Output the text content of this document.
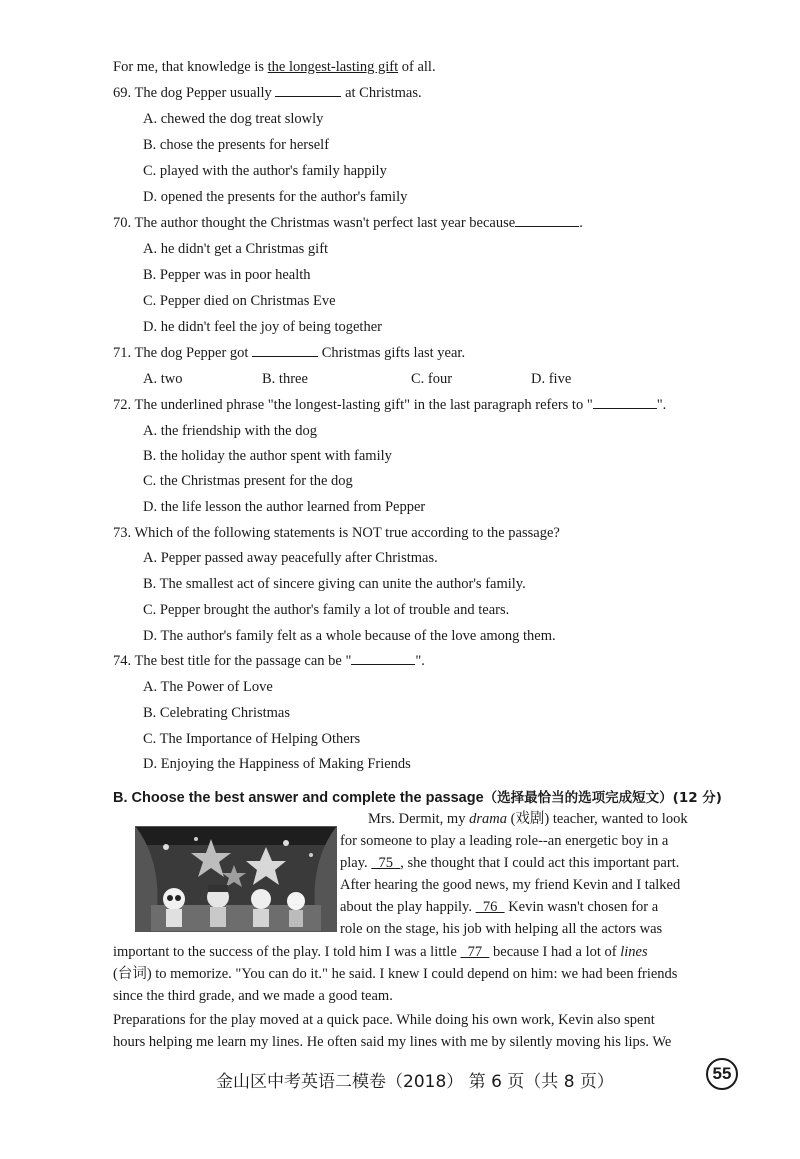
For me, that knowledge is the longest-lasting gift of all.
69. The dog Pepper usually	at Christmas.
A. chewed the dog treat slowly
B. chose the presents for herself
C. played with the author's family happily
D. opened the presents for the author's family
70. The author thought the Christmas wasn't perfect last year because	.
A. he didn't get a Christmas gift
B. Pepper was in poor health
C. Pepper died on Christmas Eve
D. he didn't feel the joy of being together
71. The dog Pepper got	Christmas gifts last year.
A. two	B. three	C. four	D. five
72. The underlined phrase "the longest-lasting gift" in the last paragraph refers to "	".
A. the friendship with the dog
B. the holiday the author spent with family
C. the Christmas present for the dog
D. the life lesson the author learned from Pepper
73. Which of the following statements is NOT true according to the passage?
A. Pepper passed away peacefully after Christmas.
B. The smallest act of sincere giving can unite the author's family.
C. Pepper brought the author's family a lot of trouble and tears.
D. The author's family felt as a whole because of the love among them.
74. The best title for the passage can be "	".
A. The Power of Love
B. Celebrating Christmas
C. The Importance of Helping Others
D. Enjoying the Happiness of Making Friends
B. Choose the best answer and complete the passage（选择最恰当的选项完成短文）(12 分)
Mrs. Dermit, my drama (戏剧) teacher, wanted to look
for someone to play a leading role--an energetic boy in a
play.   75  , she thought that I could act this important part.
After hearing the good news, my friend Kevin and I talked
about the play happily.   76   Kevin wasn't chosen for a
role on the stage, his job with helping all the actors was
important to the success of the play. I told him I was a little   77   because I had a lot of lines
(台词) to memorize. "You can do it." he said. I knew I could depend on him: we had been friends
since the third grade, and we made a good team.
Preparations for the play moved at a quick pace. While doing his own work, Kevin also spent
hours helping me learn my lines. He often said my lines with me by silently moving his lips. We
金山区中考英语二模卷（2018） 第 6 页（共 8 页）	55
